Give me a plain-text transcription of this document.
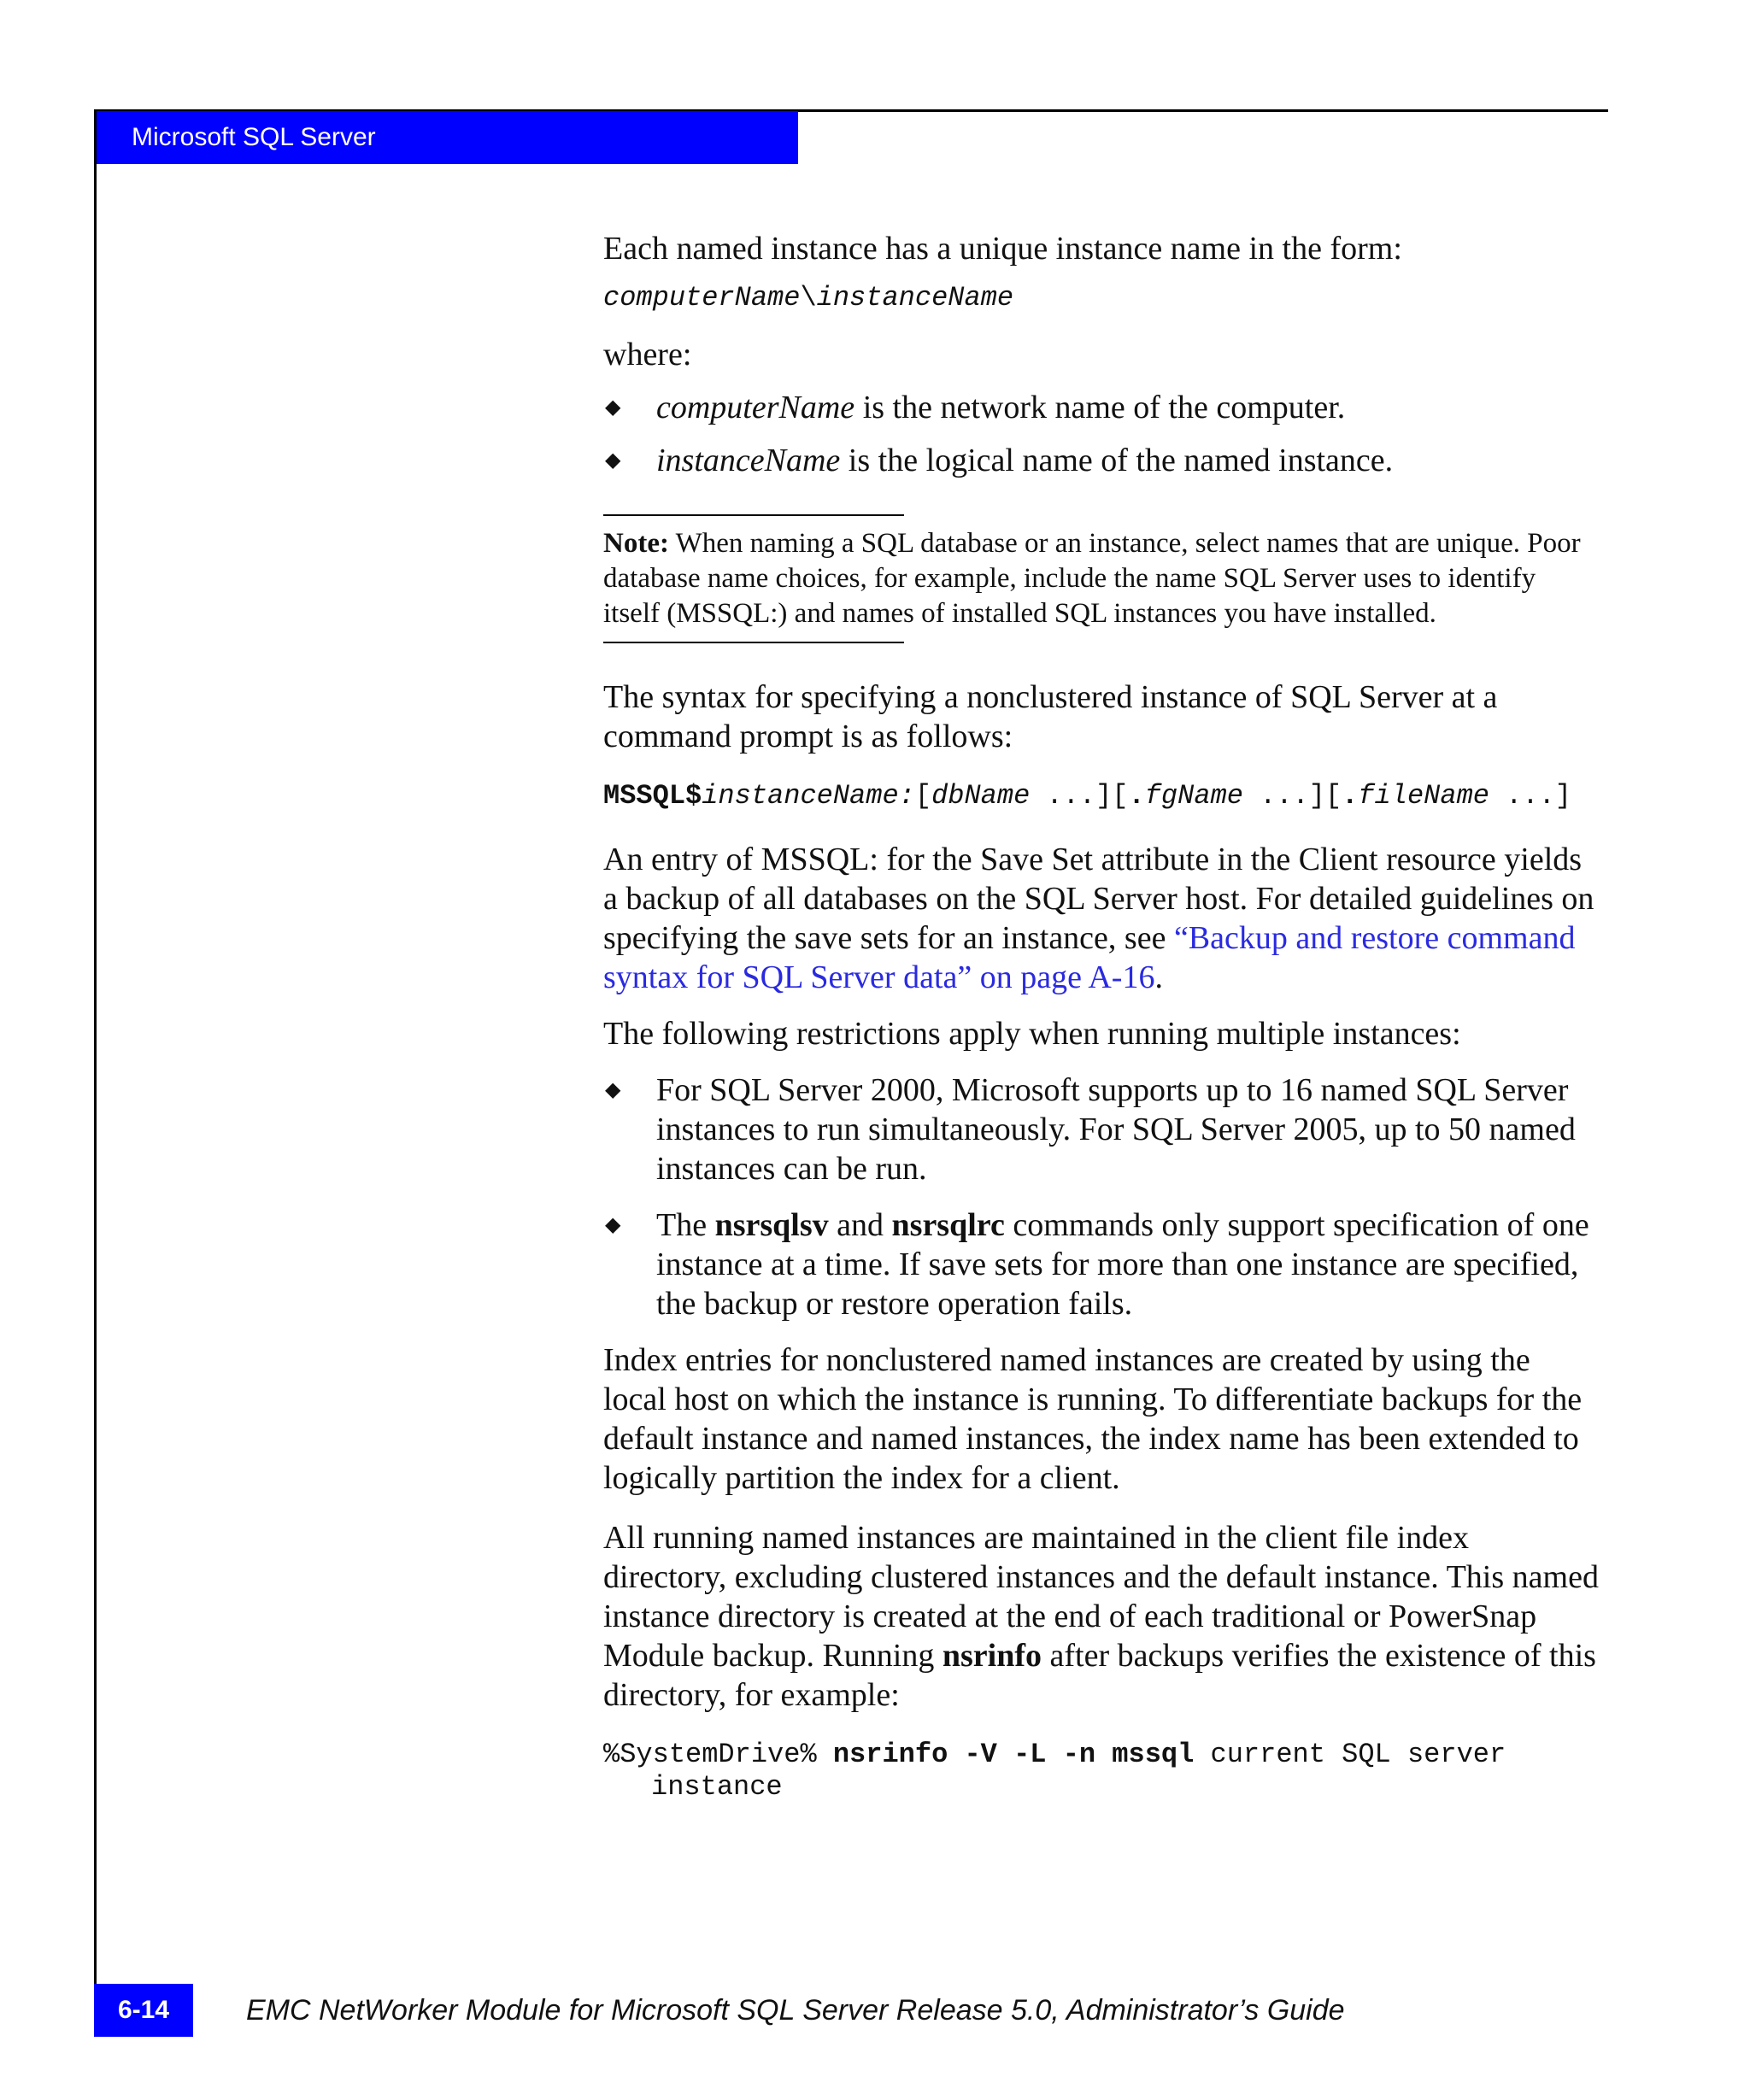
Microsoft SQL Server

Each named instance has a unique instance name in the form:

computerName\instanceName

where:

◆ computerName is the network name of the computer.
◆ instanceName is the logical name of the named instance.

Note: When naming a SQL database or an instance, select names that are unique. Poor database name choices, for example, include the name SQL Server uses to identify itself (MSSQL:) and names of installed SQL instances you have installed.

The syntax for specifying a nonclustered instance of SQL Server at a command prompt is as follows:

MSSQL$instanceName:[dbName ...][.fgName ...][.fileName ...]

An entry of MSSQL: for the Save Set attribute in the Client resource yields a backup of all databases on the SQL Server host. For detailed guidelines on specifying the save sets for an instance, see “Backup and restore command syntax for SQL Server data” on page A-16.

The following restrictions apply when running multiple instances:

◆ For SQL Server 2000, Microsoft supports up to 16 named SQL Server instances to run simultaneously. For SQL Server 2005, up to 50 named instances can be run.
◆ The nsrsqlsv and nsrsqlrc commands only support specification of one instance at a time. If save sets for more than one instance are specified, the backup or restore operation fails.

Index entries for nonclustered named instances are created by using the local host on which the instance is running. To differentiate backups for the default instance and named instances, the index name has been extended to logically partition the index for a client.

All running named instances are maintained in the client file index directory, excluding clustered instances and the default instance. This named instance directory is created at the end of each traditional or PowerSnap Module backup. Running nsrinfo after backups verifies the existence of this directory, for example:

%SystemDrive% nsrinfo -V -L -n mssql current SQL server

instance

6-14	EMC NetWorker Module for Microsoft SQL Server Release 5.0, Administrator’s Guide
